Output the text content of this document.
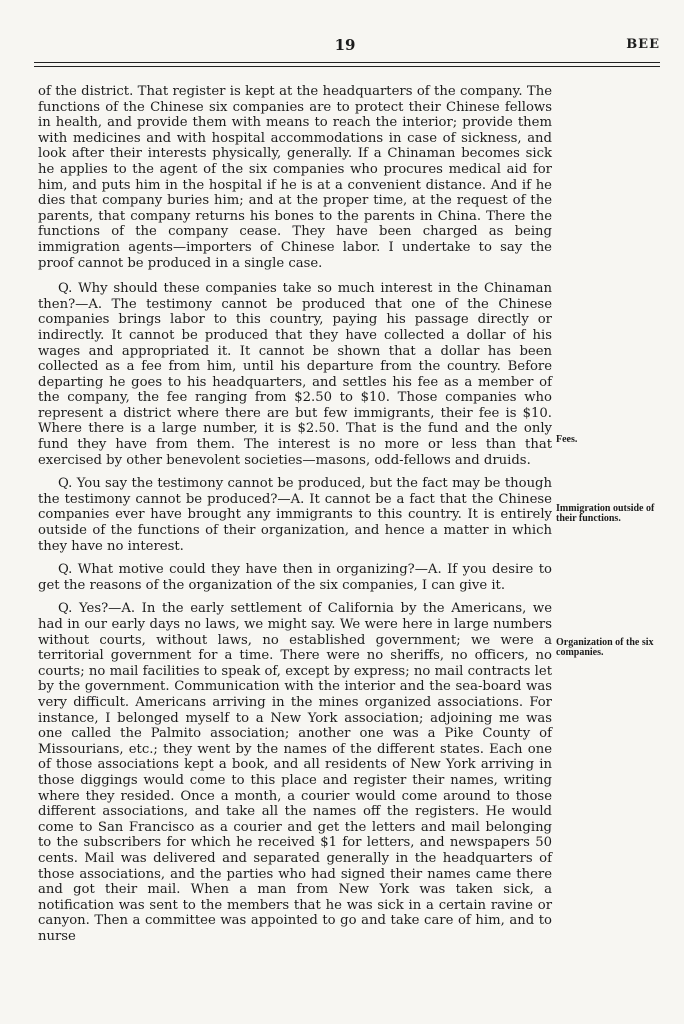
19	BEE

of the district. That register is kept at the headquarters of the company. The functions of the Chinese six companies are to protect their Chinese fellows in health, and provide them with means to reach the interior; provide them with medicines and with hospital accommodations in case of sickness, and look after their interests physically, generally. If a Chinaman becomes sick he applies to the agent of the six companies who procures medical aid for him, and puts him in the hospital if he is at a convenient distance. And if he dies that company buries him; and at the proper time, at the request of the parents, that company returns his bones to the parents in China. There the functions of the company cease. They have been charged as being immigration agents—importers of Chinese labor. I undertake to say the proof cannot be produced in a single case.

Q. Why should these companies take so much interest in the Chinaman then?—A. The testimony cannot be produced that one of the Chinese companies brings labor to this country, paying his passage directly or indirectly. It cannot be produced that they have collected a dollar of his wages and appropriated it. It cannot be shown that a dollar has been collected as a fee from him, until his departure from the country. Before departing he goes to his headquarters, and settles his fee as a member of the company, the fee ranging from $2.50 to $10. Those companies who represent a district where there are but few immigrants, their fee is $10. Where there is a large number, it is $2.50. That is the fund and the only fund they have from them. The interest is no more or less than that exercised by other benevolent societies—masons, odd-fellows and druids.

Q. You say the testimony cannot be produced, but the fact may be though the testimony cannot be produced?—A. It cannot be a fact that the Chinese companies ever have brought any immigrants to this country. It is entirely outside of the functions of their organization, and hence a matter in which they have no interest.

Q. What motive could they have then in organizing?—A. If you desire to get the reasons of the organization of the six companies, I can give it.

Q. Yes?—A. In the early settlement of California by the Americans, we had in our early days no laws, we might say. We were here in large numbers without courts, without laws, no established government; we were a territorial government for a time. There were no sheriffs, no officers, no courts; no mail facilities to speak of, except by express; no mail contracts let by the government. Communication with the interior and the sea-board was very difficult. Americans arriving in the mines organized associations. For instance, I belonged myself to a New York association; adjoining me was one called the Palmito association; another one was a Pike County of Missourians, etc.; they went by the names of the different states. Each one of those associations kept a book, and all residents of New York arriving in those diggings would come to this place and register their names, writing where they resided. Once a month, a courier would come around to those different associations, and take all the names off the registers. He would come to San Francisco as a courier and get the letters and mail belonging to the subscribers for which he received $1 for letters, and newspapers 50 cents. Mail was delivered and separated generally in the headquarters of those associations, and the parties who had signed their names came there and got their mail. When a man from New York was taken sick, a notification was sent to the members that he was sick in a certain ravine or canyon. Then a committee was appointed to go and take care of him, and to nurse

Fees.
Immigration outside of their functions.
Organization of the six companies.
